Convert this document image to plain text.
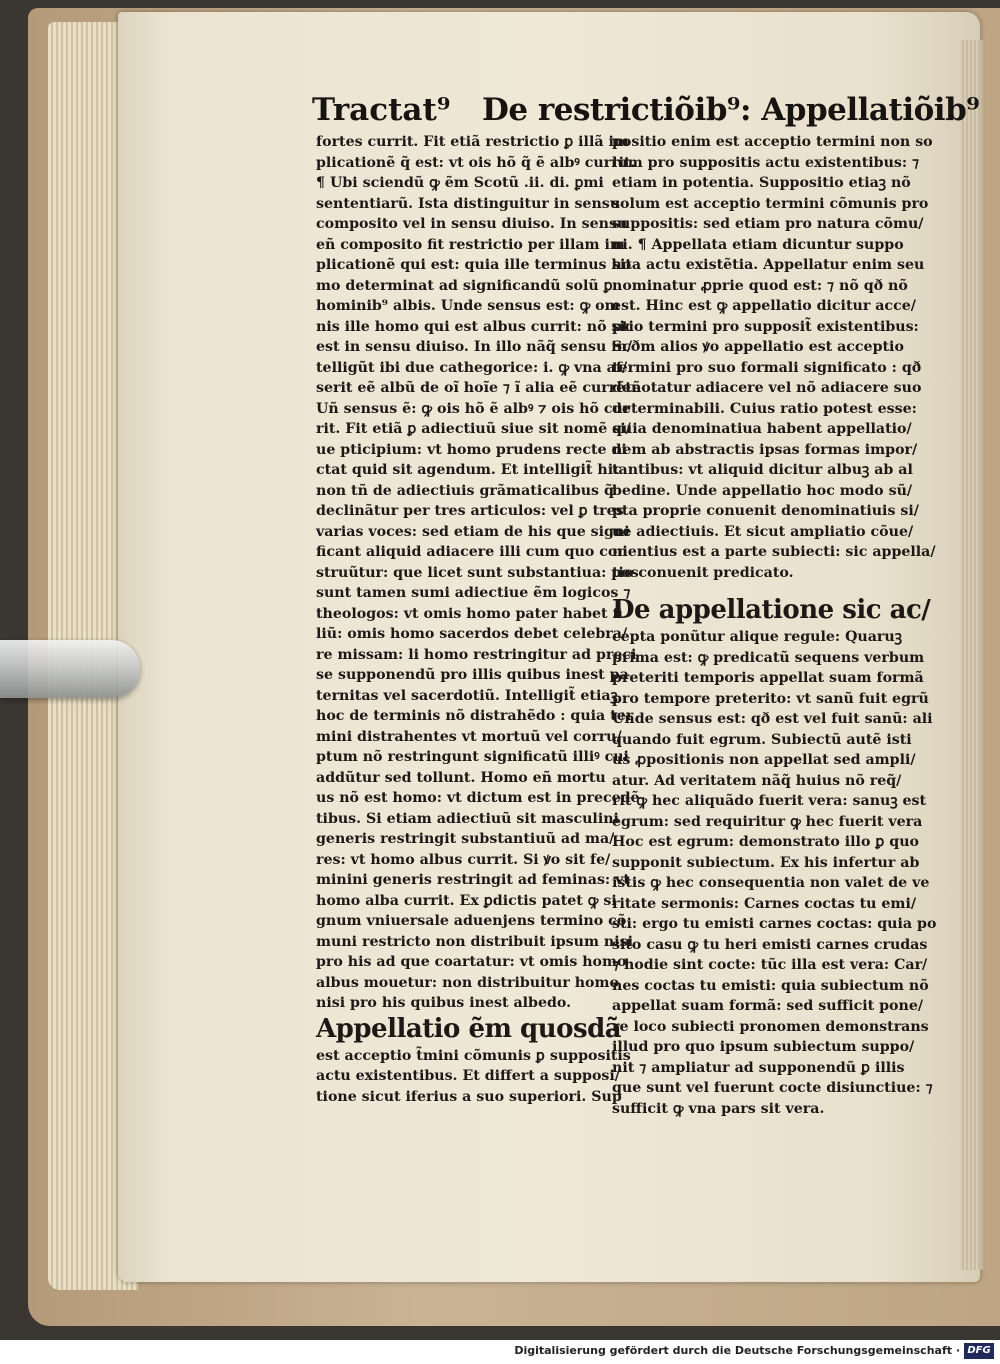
Tractat⁹ De restrictiõib⁹: Appellatiõib⁹
fortes currit. Fit etiã restrictio ꝑ illã im
plicationẽ q̃ est: vt ois hõ q̃ ẽ albꝰ currit.
¶ Ubi sciendũ ꝙ ẽm Scotũ .ii. di. ꝑmi
sententiarũ. Ista distinguitur in sensu
composito vel in sensu diuiso. In sensu
eñ composito fit restrictio per illam im
plicationẽ qui est: quia ille terminus ho
mo determinat ad significandũ solũ ꝑ
hominib⁹ albis. Unde sensus est: ꝙ om
nis ille homo qui est albus currit: nõ sic
est in sensu diuiso. In illo nãq̃ sensu in/
telligũt ibi due cathegorice: i. ꝙ vna af/
serit eẽ albũ de oĩ hoĩe ⁊ ĩ alia eẽ currẽtẽ
Uñ sensus ẽ: ꝙ ois hõ ẽ albꝰ ⁊ ois hõ cur
rit. Fit etiã ꝑ adiectiuũ siue sit nomẽ si/
ue pticipium: vt homo prudens recte di
ctat quid sit agendum. Et intelligit̃ hic
non tñ de adiectiuis grãmaticalibus q̃
declinãtur per tres articulos: vel ꝑ tres
varias voces: sed etiam de his que signi
ficant aliquid adiacere illi cum quo con
struũtur: que licet sunt substantiua: pos
sunt tamen sumi adiectiue ẽm logicos ⁊
theologos: vt omis homo pater habet fi
liũ: omis homo sacerdos debet celebra/
re missam: li homo restringitur ad preci
se supponendũ pro illis quibus inest pa
ternitas vel sacerdotiũ. Intelligit̃ etiaꝫ
hoc de terminis nõ distrahẽdo : quia ter
mini distrahentes vt mortuũ vel corru/
ptum nõ restringunt significatũ illiꝰ cui
addũtur sed tollunt. Homo eñ mortu
us nõ est homo: vt dictum est in precedẽ
tibus. Si etiam adiectiuũ sit masculini
generis restringit substantiuũ ad ma/
res: vt homo albus currit. Si ꝟo sit fe/
minini generis restringit ad feminas: vt
homo alba currit. Ex ꝑdictis patet ꝙ si
gnum vniuersale aduenjens termino cõ
muni restricto non distribuit ipsum nisi
pro his ad que coartatur: vt omis homo
albus mouetur: non distribuitur homo
nisi pro his quibus inest albedo.
Appellatio ẽm quosdã
est acceptio t̃mini cõmunis ꝑ suppositis
actu existentibus. Et differt a supposi/
tione sicut iferius a suo superiori. Sup
positio enim est acceptio termini non so
lum pro suppositis actu existentibus: ⁊
etiam in potentia. Suppositio etiaꝫ nõ
solum est acceptio termini cõmunis pro
suppositis: sed etiam pro natura cõmu/
ni. ¶ Appellata etiam dicuntur suppo
sita actu existẽtia. Appellatur enim seu
nominatur ꝓprie quod est: ⁊ nõ qð nõ
est. Hinc est ꝙ appellatio dicitur acce/
ptio termini pro supposit̃ existentibus:
Scðm alios ꝟo appellatio est acceptio
termini pro suo formali significato : qð
denotatur adiacere vel nõ adiacere suo
determinabili. Cuius ratio potest esse:
quia denominatiua habent appellatio/
nem ab abstractis ipsas formas impor/
tantibus: vt aliquid dicitur albuꝫ ab al
bedine. Unde appellatio hoc modo sũ/
pta proprie conuenit denominatiuis si/
ue adiectiuis. Et sicut ampliatio cõue/
nientius est a parte subiecti: sic appella/
tio conuenit predicato.
De appellatione sic ac/
cepta ponũtur alique regule: Quaruꝫ
prima est: ꝙ predicatũ sequens verbum
preteriti temporis appellat suam formã
pro tempore preterito: vt sanũ fuit egrũ
Unde sensus est: qð est vel fuit sanũ: ali
quando fuit egrum. Subiectũ autẽ isti
us ꝓpositionis non appellat sed ampli/
atur. Ad veritatem nãq̃ huius nõ req̃/
rit ꝙ hec aliquãdo fuerit vera: sanuꝫ est
egrum: sed requiritur ꝙ hec fuerit vera
Hoc est egrum: demonstrato illo ꝑ quo
supponit subiectum. Ex his infertur ab
istis ꝙ hec consequentia non valet de ve
ritate sermonis: Carnes coctas tu emi/
sti: ergo tu emisti carnes coctas: quia po
sito casu ꝙ tu heri emisti carnes crudas
⁊ hodie sint cocte: tũc illa est vera: Car/
nes coctas tu emisti: quia subiectum nõ
appellat suam formã: sed sufficit pone/
re loco subiecti pronomen demonstrans
illud pro quo ipsum subiectum suppo/
nit ⁊ ampliatur ad supponendũ ꝑ illis
que sunt vel fuerunt cocte disiunctiue: ⁊
sufficit ꝙ vna pars sit vera.
Digitalisierung gefördert durch die Deutsche Forschungsgemeinschaft · DFG
